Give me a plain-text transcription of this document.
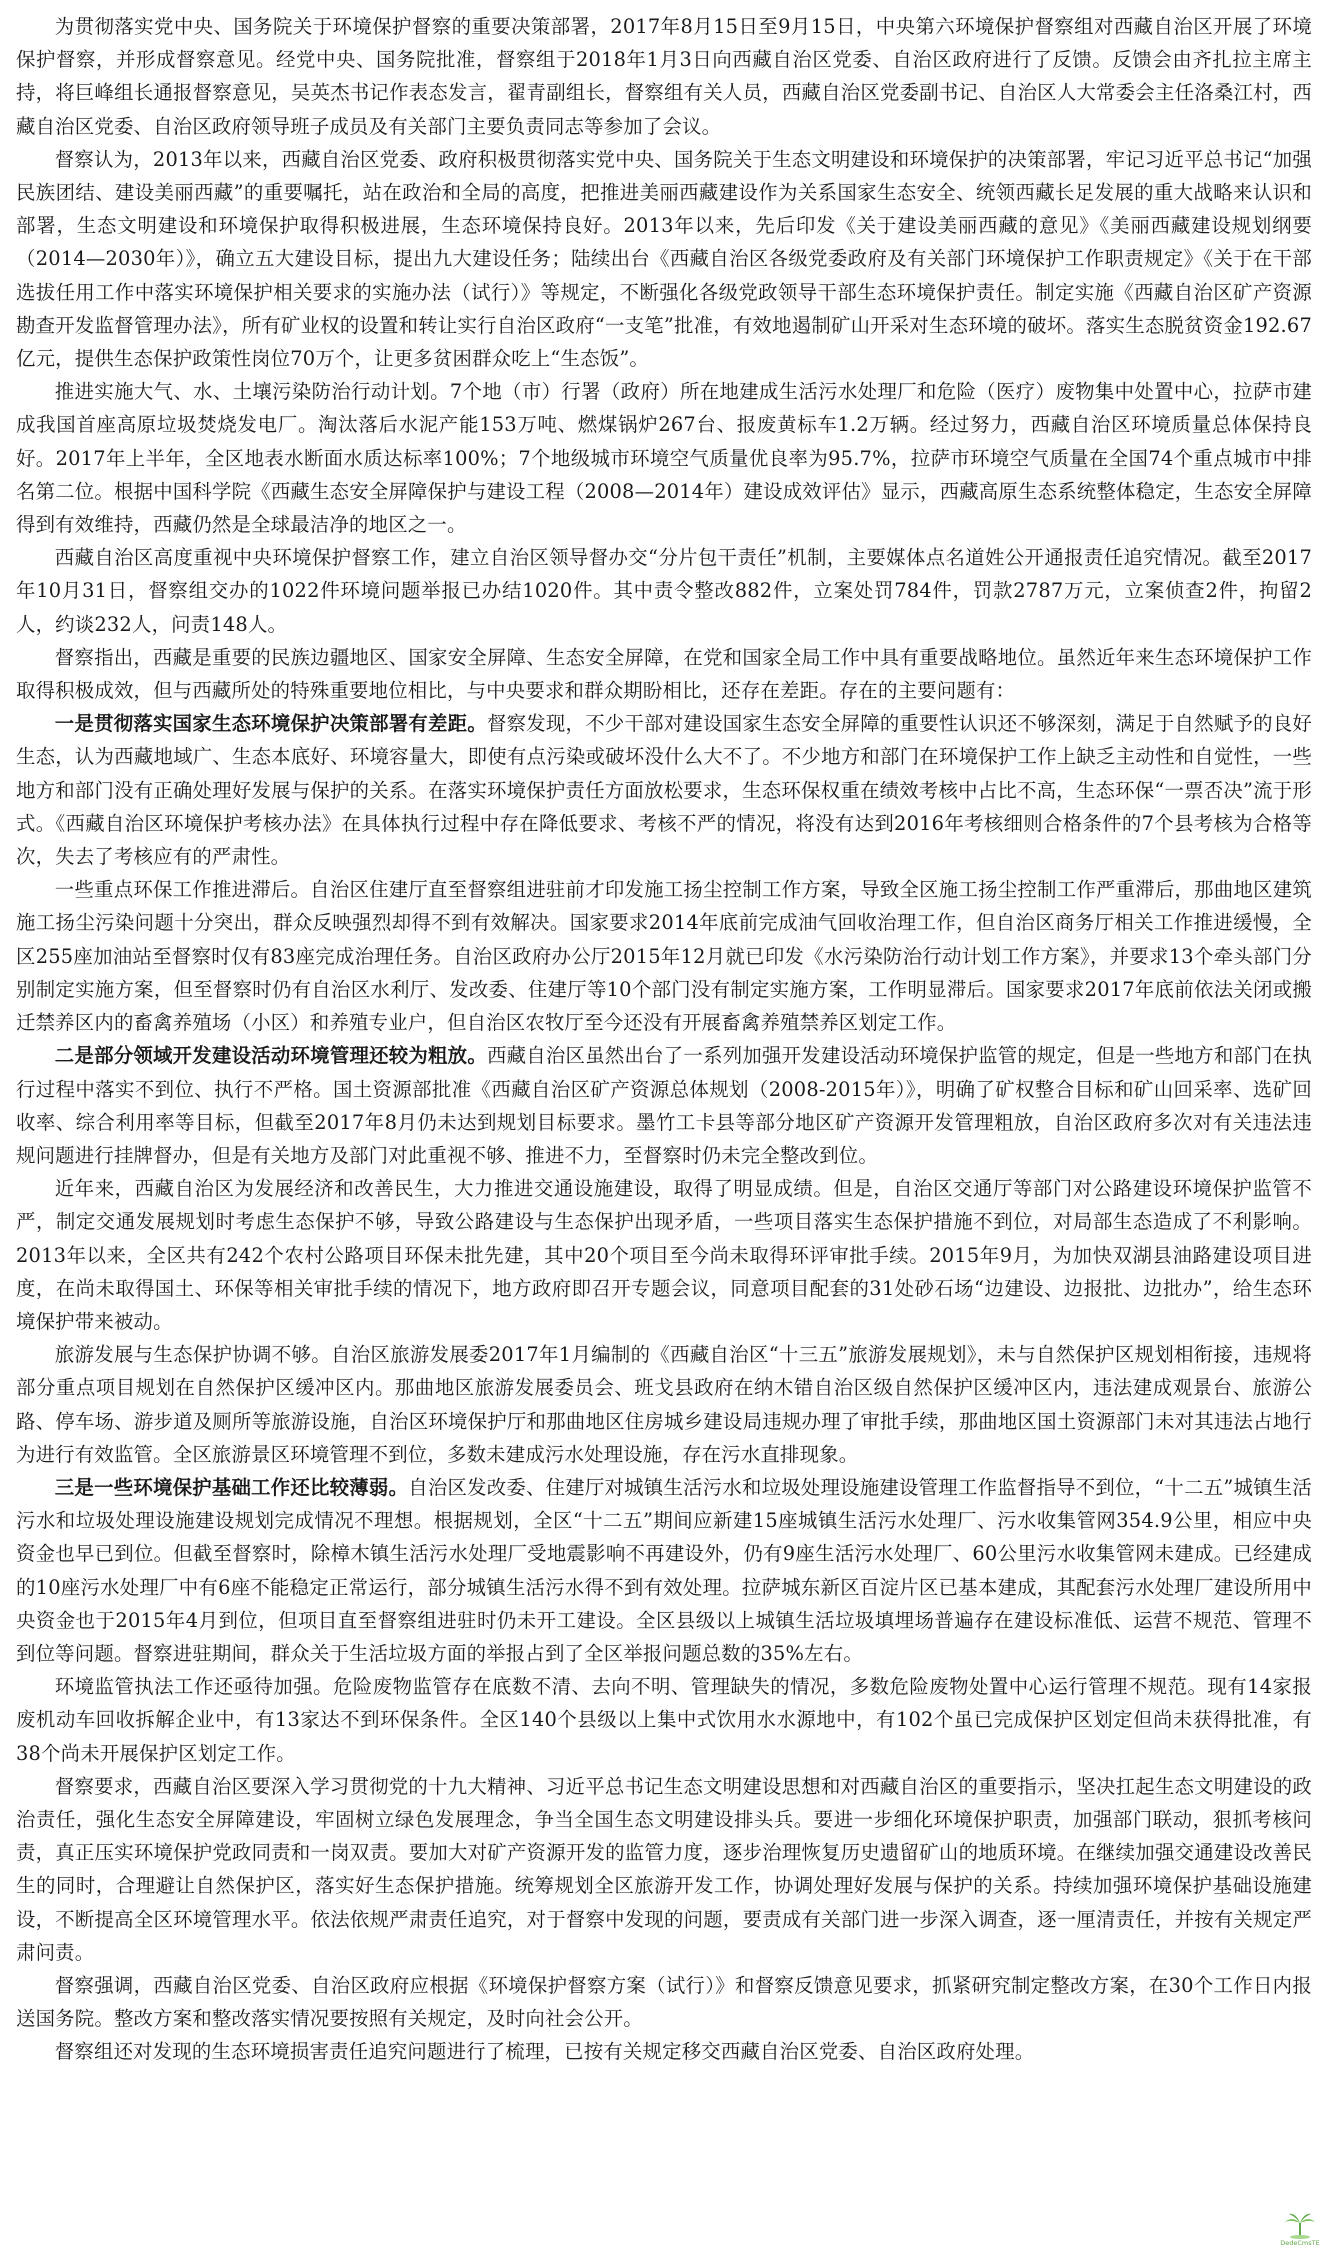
为贯彻落实党中央、国务院关于环境保护督察的重要决策部署，2017年8月15日至9月15日，中央第六环境保护督察组对西藏自治区开展了环境保护督察，并形成督察意见。经党中央、国务院批准，督察组于2018年1月3日向西藏自治区党委、自治区政府进行了反馈。反馈会由齐扎拉主席主持，将巨峰组长通报督察意见，吴英杰书记作表态发言，翟青副组长，督察组有关人员，西藏自治区党委副书记、自治区人大常委会主任洛桑江村，西藏自治区党委、自治区政府领导班子成员及有关部门主要负责同志等参加了会议。

督察认为，2013年以来，西藏自治区党委、政府积极贯彻落实党中央、国务院关于生态文明建设和环境保护的决策部署，牢记习近平总书记“加强民族团结、建设美丽西藏”的重要嘱托，站在政治和全局的高度，把推进美丽西藏建设作为关系国家生态安全、统领西藏长足发展的重大战略来认识和部署，生态文明建设和环境保护取得积极进展，生态环境保持良好。2013年以来，先后印发《关于建设美丽西藏的意见》《美丽西藏建设规划纲要（2014—2030年）》，确立五大建设目标，提出九大建设任务；陆续出台《西藏自治区各级党委政府及有关部门环境保护工作职责规定》《关于在干部选拔任用工作中落实环境保护相关要求的实施办法（试行）》等规定，不断强化各级党政领导干部生态环境保护责任。制定实施《西藏自治区矿产资源勘查开发监督管理办法》，所有矿业权的设置和转让实行自治区政府“一支笔”批准，有效地遏制矿山开采对生态环境的破坏。落实生态脱贫资金192.67亿元，提供生态保护政策性岗位70万个，让更多贫困群众吃上“生态饭”。

推进实施大气、水、土壤污染防治行动计划。7个地（市）行署（政府）所在地建成生活污水处理厂和危险（医疗）废物集中处置中心，拉萨市建成我国首座高原垃圾焚烧发电厂。淘汰落后水泥产能153万吨、燃煤锅炉267台、报废黄标车1.2万辆。经过努力，西藏自治区环境质量总体保持良好。2017年上半年，全区地表水断面水质达标率100%；7个地级城市环境空气质量优良率为95.7%，拉萨市环境空气质量在全国74个重点城市中排名第二位。根据中国科学院《西藏生态安全屏障保护与建设工程（2008—2014年）建设成效评估》显示，西藏高原生态系统整体稳定，生态安全屏障得到有效维持，西藏仍然是全球最洁净的地区之一。

西藏自治区高度重视中央环境保护督察工作，建立自治区领导督办交“分片包干责任”机制，主要媒体点名道姓公开通报责任追究情况。截至2017年10月31日，督察组交办的1022件环境问题举报已办结1020件。其中责令整改882件，立案处罚784件，罚款2787万元，立案侦查2件，拘留2人，约谈232人，问责148人。

督察指出，西藏是重要的民族边疆地区、国家安全屏障、生态安全屏障，在党和国家全局工作中具有重要战略地位。虽然近年来生态环境保护工作取得积极成效，但与西藏所处的特殊重要地位相比，与中央要求和群众期盼相比，还存在差距。存在的主要问题有：

一是贯彻落实国家生态环境保护决策部署有差距。督察发现，不少干部对建设国家生态安全屏障的重要性认识还不够深刻，满足于自然赋予的良好生态，认为西藏地域广、生态本底好、环境容量大，即使有点污染或破坏没什么大不了。不少地方和部门在环境保护工作上缺乏主动性和自觉性，一些地方和部门没有正确处理好发展与保护的关系。在落实环境保护责任方面放松要求，生态环保权重在绩效考核中占比不高，生态环保“一票否决”流于形式。《西藏自治区环境保护考核办法》在具体执行过程中存在降低要求、考核不严的情况，将没有达到2016年考核细则合格条件的7个县考核为合格等次，失去了考核应有的严肃性。

一些重点环保工作推进滞后。自治区住建厅直至督察组进驻前才印发施工扬尘控制工作方案，导致全区施工扬尘控制工作严重滞后，那曲地区建筑施工扬尘污染问题十分突出，群众反映强烈却得不到有效解决。国家要求2014年底前完成油气回收治理工作，但自治区商务厅相关工作推进缓慢，全区255座加油站至督察时仅有83座完成治理任务。自治区政府办公厅2015年12月就已印发《水污染防治行动计划工作方案》，并要求13个牵头部门分别制定实施方案，但至督察时仍有自治区水利厅、发改委、住建厅等10个部门没有制定实施方案，工作明显滞后。国家要求2017年底前依法关闭或搬迁禁养区内的畜禽养殖场（小区）和养殖专业户，但自治区农牧厅至今还没有开展畜禽养殖禁养区划定工作。

二是部分领域开发建设活动环境管理还较为粗放。西藏自治区虽然出台了一系列加强开发建设活动环境保护监管的规定，但是一些地方和部门在执行过程中落实不到位、执行不严格。国土资源部批准《西藏自治区矿产资源总体规划（2008-2015年）》，明确了矿权整合目标和矿山回采率、选矿回收率、综合利用率等目标，但截至2017年8月仍未达到规划目标要求。墨竹工卡县等部分地区矿产资源开发管理粗放，自治区政府多次对有关违法违规问题进行挂牌督办，但是有关地方及部门对此重视不够、推进不力，至督察时仍未完全整改到位。

近年来，西藏自治区为发展经济和改善民生，大力推进交通设施建设，取得了明显成绩。但是，自治区交通厅等部门对公路建设环境保护监管不严，制定交通发展规划时考虑生态保护不够，导致公路建设与生态保护出现矛盾，一些项目落实生态保护措施不到位，对局部生态造成了不利影响。2013年以来，全区共有242个农村公路项目环保未批先建，其中20个项目至今尚未取得环评审批手续。2015年9月，为加快双湖县油路建设项目进度，在尚未取得国土、环保等相关审批手续的情况下，地方政府即召开专题会议，同意项目配套的31处砂石场“边建设、边报批、边批办”，给生态环境保护带来被动。

旅游发展与生态保护协调不够。自治区旅游发展委2017年1月编制的《西藏自治区“十三五”旅游发展规划》，未与自然保护区规划相衔接，违规将部分重点项目规划在自然保护区缓冲区内。那曲地区旅游发展委员会、班戈县政府在纳木错自治区级自然保护区缓冲区内，违法建成观景台、旅游公路、停车场、游步道及厕所等旅游设施，自治区环境保护厅和那曲地区住房城乡建设局违规办理了审批手续，那曲地区国土资源部门未对其违法占地行为进行有效监管。全区旅游景区环境管理不到位，多数未建成污水处理设施，存在污水直排现象。

三是一些环境保护基础工作还比较薄弱。自治区发改委、住建厅对城镇生活污水和垃圾处理设施建设管理工作监督指导不到位，“十二五”城镇生活污水和垃圾处理设施建设规划完成情况不理想。根据规划，全区“十二五”期间应新建15座城镇生活污水处理厂、污水收集管网354.9公里，相应中央资金也早已到位。但截至督察时，除樟木镇生活污水处理厂受地震影响不再建设外，仍有9座生活污水处理厂、60公里污水收集管网未建成。已经建成的10座污水处理厂中有6座不能稳定正常运行，部分城镇生活污水得不到有效处理。拉萨城东新区百淀片区已基本建成，其配套污水处理厂建设所用中央资金也于2015年4月到位，但项目直至督察组进驻时仍未开工建设。全区县级以上城镇生活垃圾填埋场普遍存在建设标准低、运营不规范、管理不到位等问题。督察进驻期间，群众关于生活垃圾方面的举报占到了全区举报问题总数的35%左右。

环境监管执法工作还亟待加强。危险废物监管存在底数不清、去向不明、管理缺失的情况，多数危险废物处置中心运行管理不规范。现有14家报废机动车回收拆解企业中，有13家达不到环保条件。全区140个县级以上集中式饮用水水源地中，有102个虽已完成保护区划定但尚未获得批准，有38个尚未开展保护区划定工作。

督察要求，西藏自治区要深入学习贯彻党的十九大精神、习近平总书记生态文明建设思想和对西藏自治区的重要指示，坚决扛起生态文明建设的政治责任，强化生态安全屏障建设，牢固树立绿色发展理念，争当全国生态文明建设排头兵。要进一步细化环境保护职责，加强部门联动，狠抓考核问责，真正压实环境保护党政同责和一岗双责。要加大对矿产资源开发的监管力度，逐步治理恢复历史遗留矿山的地质环境。在继续加强交通建设改善民生的同时，合理避让自然保护区，落实好生态保护措施。统筹规划全区旅游开发工作，协调处理好发展与保护的关系。持续加强环境保护基础设施建设，不断提高全区环境管理水平。依法依规严肃责任追究，对于督察中发现的问题，要责成有关部门进一步深入调查，逐一厘清责任，并按有关规定严肃问责。

督察强调，西藏自治区党委、自治区政府应根据《环境保护督察方案（试行）》和督察反馈意见要求，抓紧研究制定整改方案，在30个工作日内报送国务院。整改方案和整改落实情况要按照有关规定，及时向社会公开。

督察组还对发现的生态环境损害责任追究问题进行了梳理，已按有关规定移交西藏自治区党委、自治区政府处理。

DedeCmsTE
